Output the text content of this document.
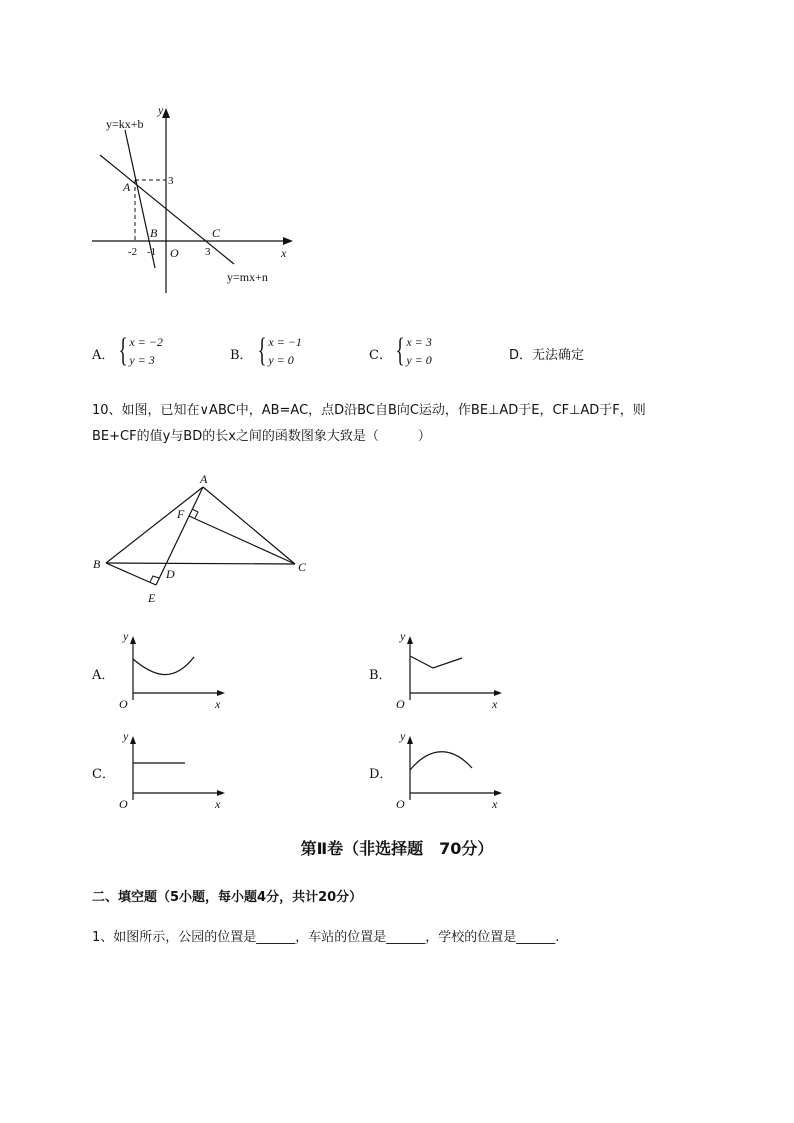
y=kx+b
y=mx+n
y
x
O
A
B	C
3
-2 -1	3
A． { x = −2
y = 3	B． { x = −1
y = 0	C． { x = 3
y = 0	D．无法确定
10、如图，已知在∨ABC中，AB=AC，点D沿BC自B向C运动，作BE⊥AD于E，CF⊥AD于F，则
BE+CF的值y与BD的长x之间的函数图象大致是（　　　）
A
B	C
D
E
F
A．
y
x
O
B．
y
x
O
C．
y
x
O
D．
y
x
O
第Ⅱ卷（非选择题　70分）
二、填空题（5小题，每小题4分，共计20分）
1、如图所示，公园的位置是______，车站的位置是______，学校的位置是______.
